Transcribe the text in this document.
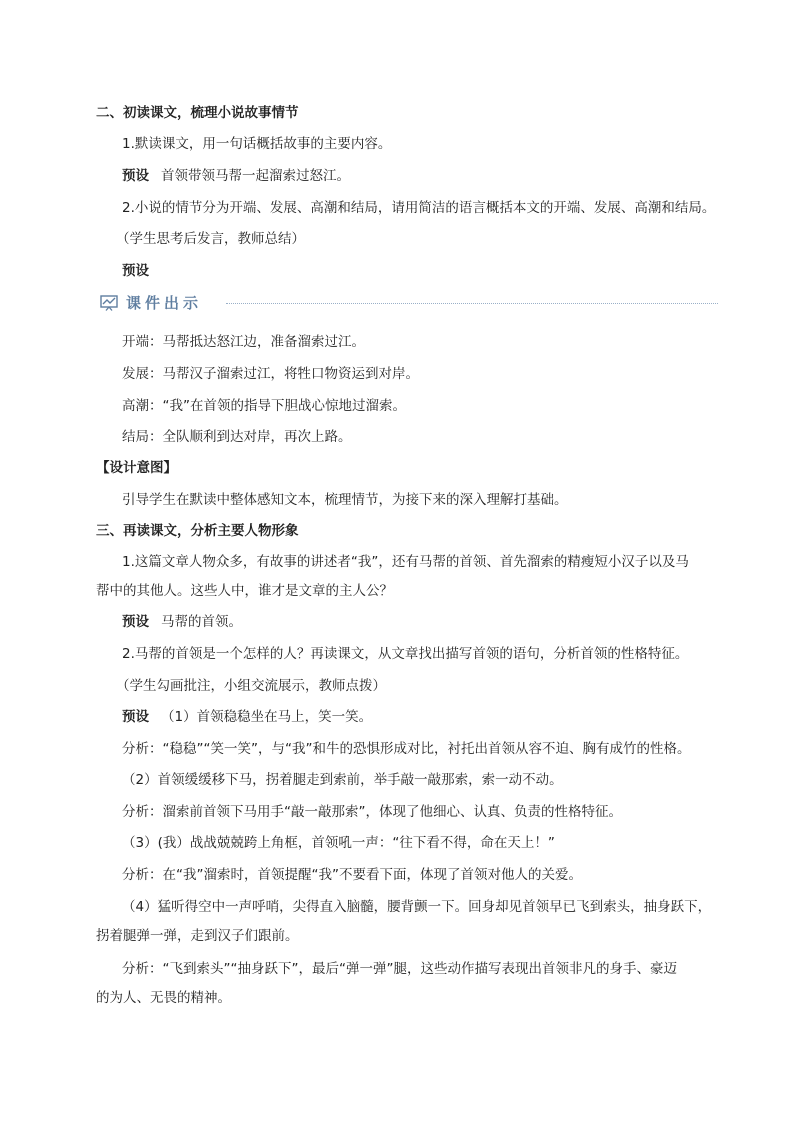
二、初读课文，梳理小说故事情节

1.默读课文，用一句话概括故事的主要内容。

预设 首领带领马帮一起溜索过怒江。

2.小说的情节分为开端、发展、高潮和结局，请用简洁的语言概括本文的开端、发展、高潮和结局。

（学生思考后发言，教师总结）

预设

课件出示

开端：马帮抵达怒江边，准备溜索过江。

发展：马帮汉子溜索过江，将牲口物资运到对岸。

高潮：“我”在首领的指导下胆战心惊地过溜索。

结局：全队顺利到达对岸，再次上路。

【设计意图】

引导学生在默读中整体感知文本，梳理情节，为接下来的深入理解打基础。

三、再读课文，分析主要人物形象

1.这篇文章人物众多，有故事的讲述者“我”，还有马帮的首领、首先溜索的精瘦短小汉子以及马

帮中的其他人。这些人中，谁才是文章的主人公？

预设 马帮的首领。

2.马帮的首领是一个怎样的人？再读课文，从文章找出描写首领的语句，分析首领的性格特征。

（学生勾画批注，小组交流展示，教师点拨）

预设 （1）首领稳稳坐在马上，笑一笑。

分析：“稳稳”“笑一笑”，与“我”和牛的恐惧形成对比，衬托出首领从容不迫、胸有成竹的性格。

（2）首领缓缓移下马，拐着腿走到索前，举手敲一敲那索，索一动不动。

分析：溜索前首领下马用手“敲一敲那索”，体现了他细心、认真、负责的性格特征。

（3）(我）战战兢兢跨上角框，首领吼一声：“往下看不得，命在天上！”

分析：在“我”溜索时，首领提醒“我”不要看下面，体现了首领对他人的关爱。

（4）猛听得空中一声呼哨，尖得直入脑髓，腰背颤一下。回身却见首领早已飞到索头，抽身跃下，

拐着腿弹一弹，走到汉子们跟前。

分析：“飞到索头”“抽身跃下”，最后“弹一弹”腿，这些动作描写表现出首领非凡的身手、豪迈

的为人、无畏的精神。
